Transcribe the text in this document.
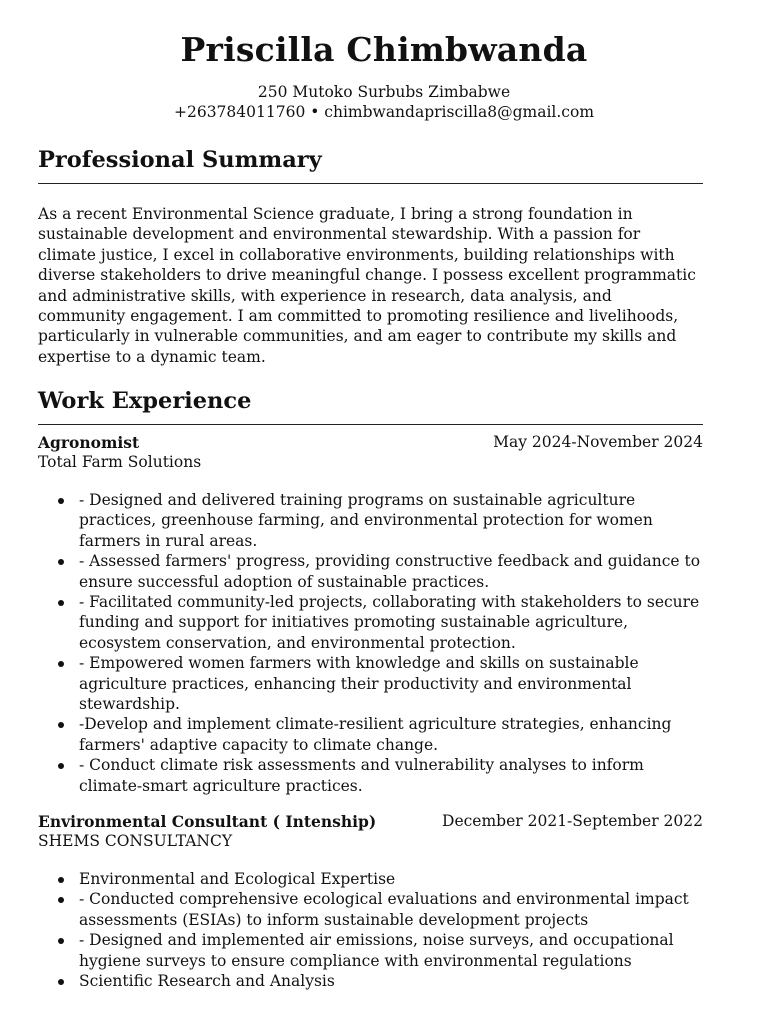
Priscilla Chimbwanda
250 Mutoko Surbubs Zimbabwe
+263784011760 • chimbwandapriscilla8@gmail.com
Professional Summary

As a recent Environmental Science graduate, I bring a strong foundation in sustainable development and environmental stewardship. With a passion for climate justice, I excel in collaborative environments, building relationships with diverse stakeholders to drive meaningful change. I possess excellent programmatic and administrative skills, with experience in research, data analysis, and community engagement. I am committed to promoting resilience and livelihoods, particularly in vulnerable communities, and am eager to contribute my skills and expertise to a dynamic team.

Work Experience
Agronomist	May 2024-November 2024
Total Farm Solutions
- Designed and delivered training programs on sustainable agriculture practices, greenhouse farming, and environmental protection for women farmers in rural areas.
- Assessed farmers' progress, providing constructive feedback and guidance to ensure successful adoption of sustainable practices.
- Facilitated community-led projects, collaborating with stakeholders to secure funding and support for initiatives promoting sustainable agriculture, ecosystem conservation, and environmental protection.
- Empowered women farmers with knowledge and skills on sustainable agriculture practices, enhancing their productivity and environmental stewardship.
-Develop and implement climate-resilient agriculture strategies, enhancing farmers' adaptive capacity to climate change.
- Conduct climate risk assessments and vulnerability analyses to inform climate-smart agriculture practices.
Environmental Consultant ( Intenship)	December 2021-September 2022
SHEMS CONSULTANCY
Environmental and Ecological Expertise
- Conducted comprehensive ecological evaluations and environmental impact assessments (ESIAs) to inform sustainable development projects
- Designed and implemented air emissions, noise surveys, and occupational hygiene surveys to ensure compliance with environmental regulations
Scientific Research and Analysis
